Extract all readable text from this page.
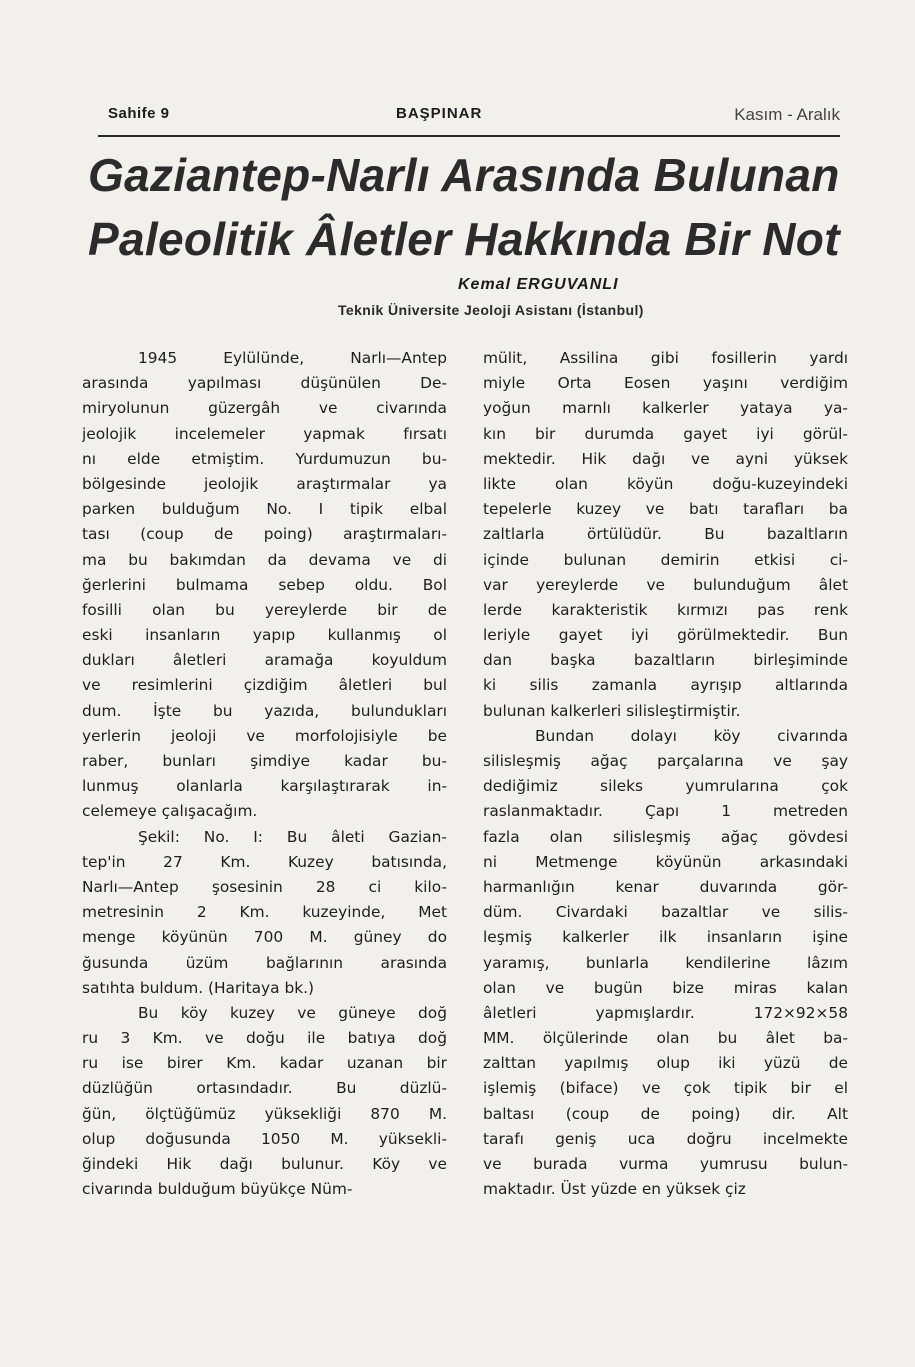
Sahife 9	BAŞPINAR	Kasım - Aralık
Gaziantep-Narlı Arasında Bulunan
Paleolitik Âletler Hakkında Bir Not
Kemal ERGUVANLI
Teknik Üniversite Jeoloji Asistanı (İstanbul)
1945 Eylülünde, Narlı—Antep
arasında yapılması düşünülen De-
miryolunun güzergâh ve civarında
jeolojik incelemeler yapmak fırsatı
nı elde etmiştim. Yurdumuzun bu-
bölgesinde jeolojik araştırmalar ya
parken bulduğum No. I tipik elbal
tası (coup de poing) araştırmaları-
ma bu bakımdan da devama ve di
ğerlerini bulmama sebep oldu. Bol
fosilli olan bu yereylerde bir de
eski insanların yapıp kullanmış ol
dukları âletleri aramağa koyuldum
ve resimlerini çizdiğim âletleri bul
dum. İşte bu yazıda, bulundukları
yerlerin jeoloji ve morfolojisiyle be
raber, bunları şimdiye kadar bu-
lunmuş olanlarla karşılaştırarak in-
celemeye çalışacağım.
Şekil: No. I: Bu âleti Gazian-
tep'in 27 Km. Kuzey batısında,
Narlı—Antep şosesinin 28 ci kilo-
metresinin 2 Km. kuzeyinde, Met
menge köyünün 700 M. güney do
ğusunda üzüm bağlarının arasında
satıhta buldum. (Haritaya bk.)
Bu köy kuzey ve güneye doğ
ru 3 Km. ve doğu ile batıya doğ
ru ise birer Km. kadar uzanan bir
düzlüğün ortasındadır. Bu düzlü-
ğün, ölçtüğümüz yüksekliği 870 M.
olup doğusunda 1050 M. yüksekli-
ğindeki Hik dağı bulunur. Köy ve
civarında bulduğum büyükçe Nüm-
mülit, Assilina gibi fosillerin yardı
miyle Orta Eosen yaşını verdiğim
yoğun marnlı kalkerler yataya ya-
kın bir durumda gayet iyi görül-
mektedir. Hik dağı ve ayni yüksek
likte olan köyün doğu-kuzeyindeki
tepelerle kuzey ve batı tarafları ba
zaltlarla örtülüdür. Bu bazaltların
içinde bulunan demirin etkisi ci-
var yereylerde ve bulunduğum âlet
lerde karakteristik kırmızı pas renk
leriyle gayet iyi görülmektedir. Bun
dan başka bazaltların birleşiminde
ki silis zamanla ayrışıp altlarında
bulunan kalkerleri silisleştirmiştir.
Bundan dolayı köy civarında
silisleşmiş ağaç parçalarına ve şay
dediğimiz sileks yumrularına çok
raslanmaktadır. Çapı 1 metreden
fazla olan silisleşmiş ağaç gövdesi
ni Metmenge köyünün arkasındaki
harmanlığın kenar duvarında gör-
düm. Civardaki bazaltlar ve silis-
leşmiş kalkerler ilk insanların işine
yaramış, bunlarla kendilerine lâzım
olan ve bugün bize miras kalan
âletleri yapmışlardır. 172×92×58
MM. ölçülerinde olan bu âlet ba-
zalttan yapılmış olup iki yüzü de
işlemiş (biface) ve çok tipik bir el
baltası (coup de poing) dir. Alt
tarafı geniş uca doğru incelmekte
ve burada vurma yumrusu bulun-
maktadır. Üst yüzde en yüksek çiz
